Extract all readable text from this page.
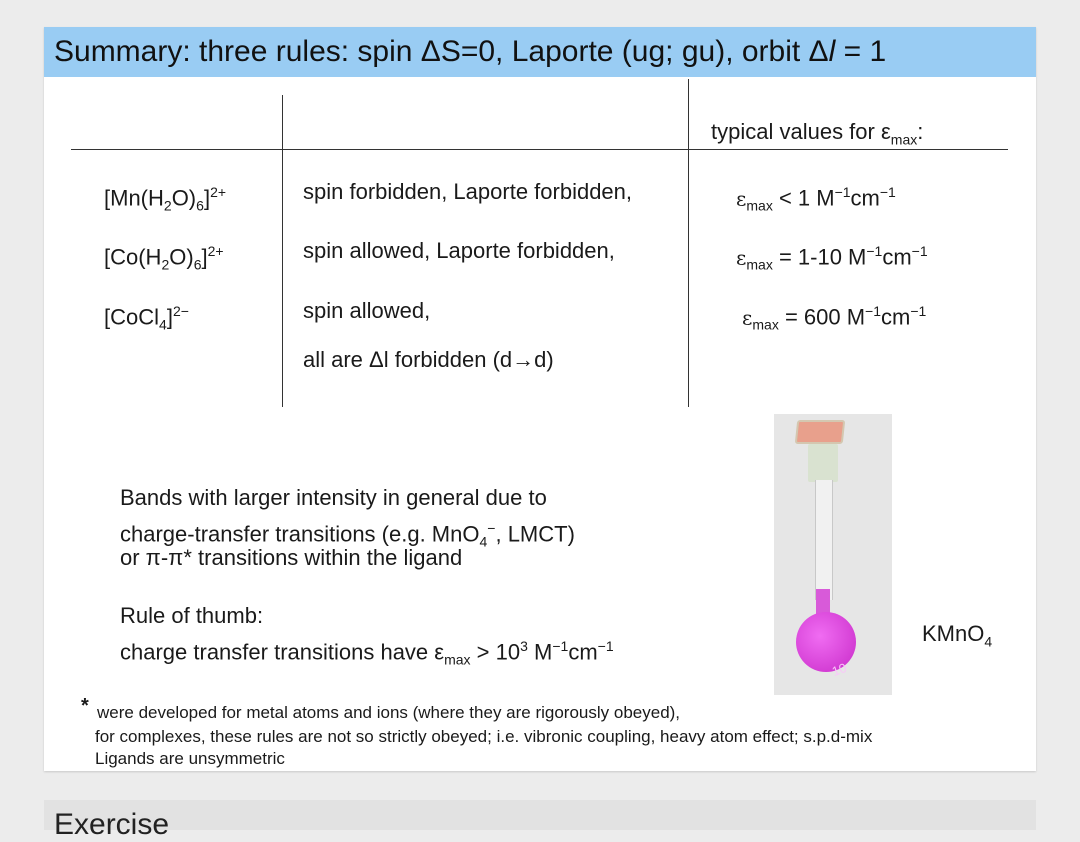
Summary: three rules: spin ΔS=0, Laporte (ug; gu), orbit Δl = 1
typical values for $\varepsilon_{max}$:
$[Mn(H_2O)_6]^{2+}$	spin forbidden, Laporte forbidden,	$\varepsilon_{max} < 1$ $M^{-1}cm^{-1}$
$[Co(H_2O)_6]^{2+}$	spin allowed, Laporte forbidden,	$\varepsilon_{max} = 1-10$ $M^{-1}cm^{-1}$
[CoCl$_4$]$^{2-}$	spin allowed,	$\varepsilon_{max} = 600$ $M^{-1}cm^{-1}$
all are Δl forbidden (d→d)
Bands with larger intensity in general due to
charge-transfer transitions (e.g. MnO$_4$−, LMCT)
or π-π* transitions within the ligand
Rule of thumb:
charge transfer transitions have $\varepsilon_{max} > 10^3$ $M^{-1}cm^{-1}$
10
KMnO$_4$
* were developed for metal atoms and ions (where they are rigorously obeyed),
for complexes, these rules are not so strictly obeyed; i.e. vibronic coupling, heavy atom effect; s.p.d-mix
Ligands are unsymmetric
Exercise
